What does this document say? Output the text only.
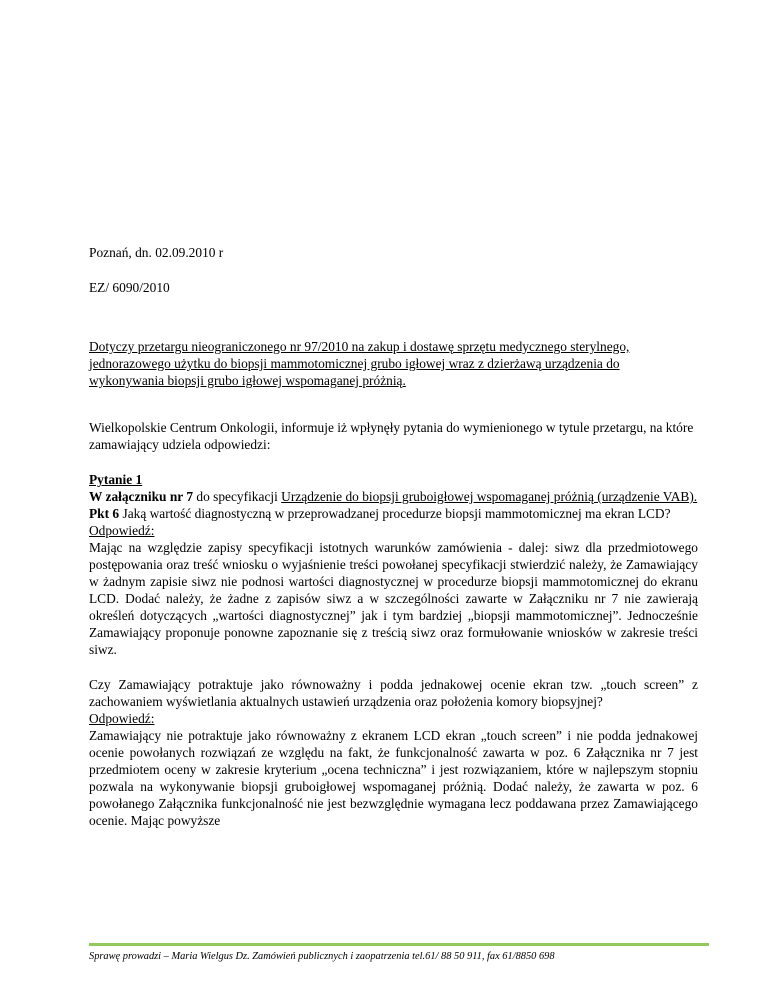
Poznań, dn. 02.09.2010 r

EZ/ 6090/2010

Dotyczy przetargu nieograniczonego nr 97/2010 na zakup i dostawę sprzętu medycznego sterylnego, jednorazowego użytku do biopsji mammotomicznej grubo igłowej wraz z dzierżawą urządzenia do wykonywania biopsji grubo igłowej wspomaganej próżnią.

Wielkopolskie Centrum Onkologii, informuje iż wpłynęły pytania do wymienionego w tytule przetargu, na które zamawiający udziela odpowiedzi:

Pytanie 1

W załączniku nr 7 do specyfikacji Urządzenie do biopsji gruboigłowej wspomaganej próżnią (urządzenie VAB).

Pkt 6 Jaką wartość diagnostyczną w przeprowadzanej procedurze biopsji mammotomicznej ma ekran LCD?

Odpowiedź:

Mając na względzie zapisy specyfikacji istotnych warunków zamówienia - dalej: siwz dla przedmiotowego postępowania oraz treść wniosku o wyjaśnienie treści powołanej specyfikacji stwierdzić należy, że Zamawiający w żadnym zapisie siwz nie podnosi wartości diagnostycznej w procedurze biopsji mammotomicznej do ekranu LCD. Dodać należy, że żadne z zapisów siwz a w szczególności zawarte w Załączniku nr 7 nie zawierają określeń dotyczących „wartości diagnostycznej” jak i tym bardziej „biopsji mammotomicznej”. Jednocześnie Zamawiający proponuje ponowne zapoznanie się z treścią siwz oraz formułowanie wniosków w zakresie treści siwz.

Czy Zamawiający potraktuje jako równoważny i podda jednakowej ocenie ekran tzw. „touch screen” z zachowaniem wyświetlania aktualnych ustawień urządzenia oraz położenia komory biopsyjnej?

Odpowiedź:

Zamawiający nie potraktuje jako równoważny z ekranem LCD ekran „touch screen” i nie podda jednakowej ocenie powołanych rozwiązań ze względu na fakt, że funkcjonalność zawarta w poz. 6 Załącznika nr 7 jest przedmiotem oceny w zakresie kryterium „ocena techniczna” i jest rozwiązaniem, które w najlepszym stopniu pozwala na wykonywanie biopsji gruboigłowej wspomaganej próżnią. Dodać należy, że zawarta w poz. 6 powołanego Załącznika funkcjonalność nie jest bezwzględnie wymagana lecz poddawana przez Zamawiającego ocenie. Mając powyższe

Sprawę prowadzi – Maria Wielgus Dz. Zamówień publicznych i zaopatrzenia tel.61/ 88 50 911, fax 61/8850 698
